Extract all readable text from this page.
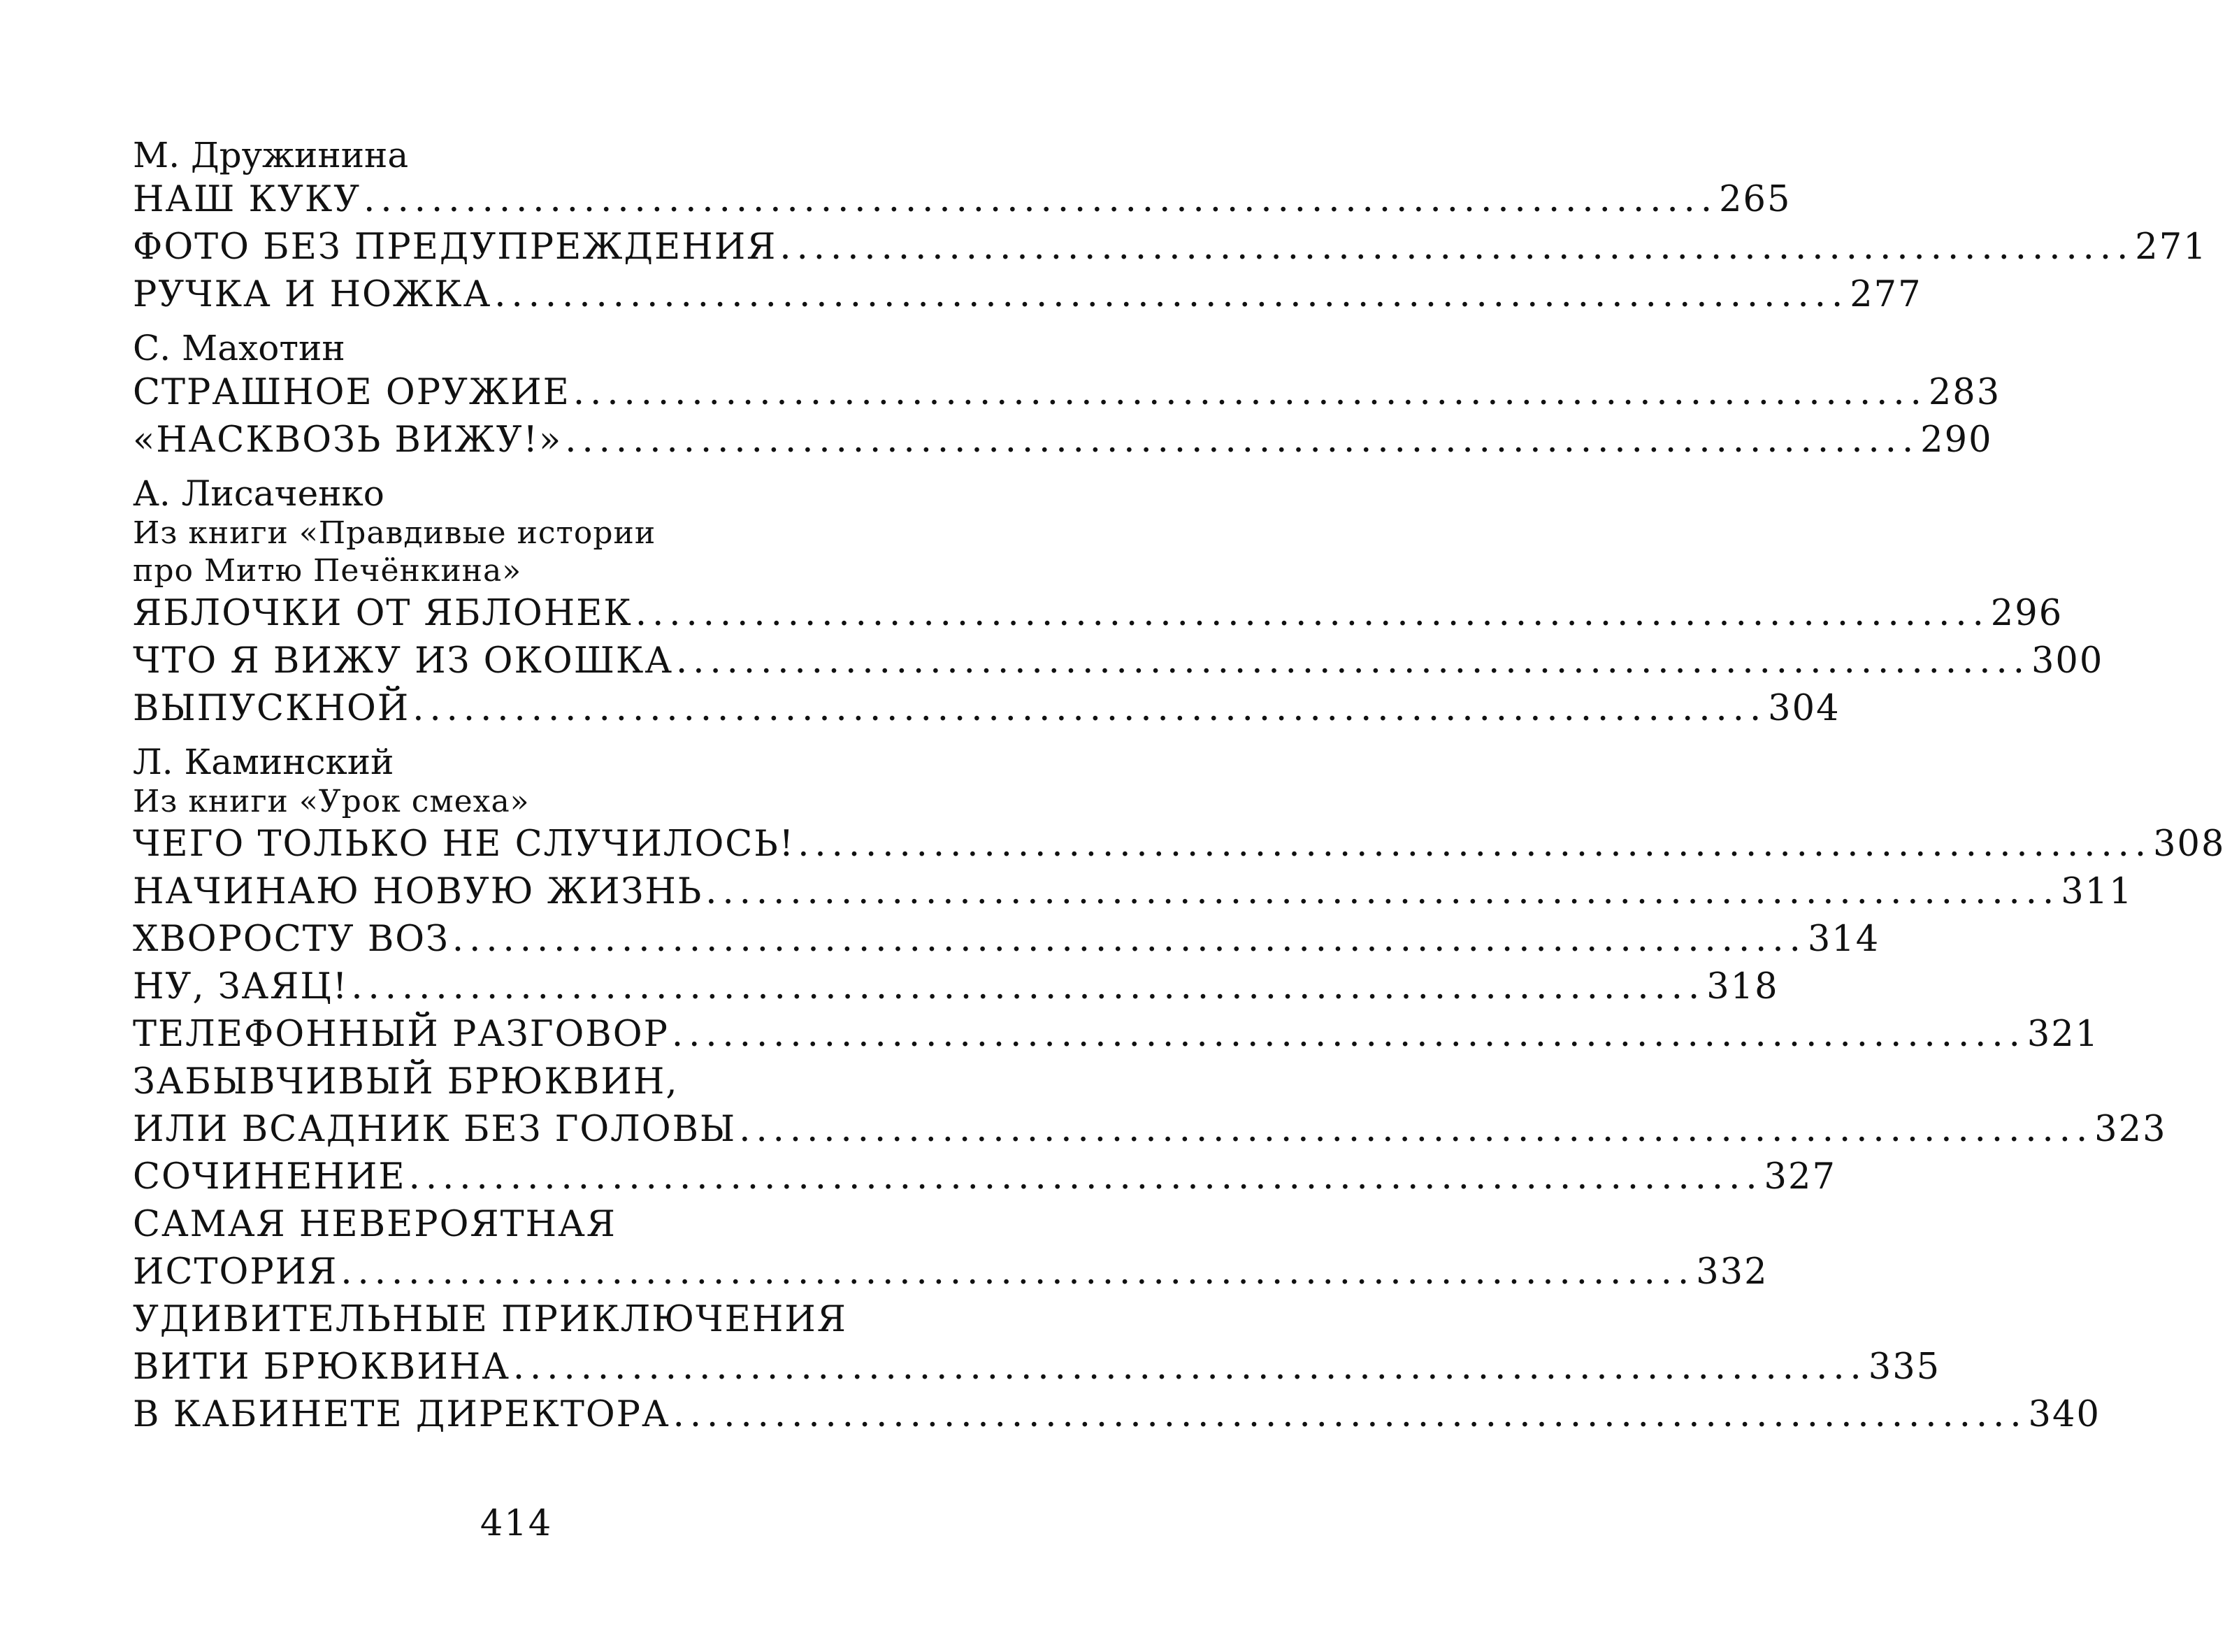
М. Дружинина
НАШ КУКУ ................................................................................ 265
ФОТО БЕЗ ПРЕДУПРЕЖДЕНИЯ ................................................................................ 271
РУЧКА И НОЖКА ................................................................................ 277
С. Махотин
СТРАШНОЕ ОРУЖИЕ ................................................................................ 283
«НАСКВОЗЬ ВИЖУ!» ................................................................................ 290
А. Лисаченко
Из книги «Правдивые истории
про Митю Печёнкина»
ЯБЛОЧКИ ОТ ЯБЛОНЕК ................................................................................ 296
ЧТО Я ВИЖУ ИЗ ОКОШКА ................................................................................ 300
ВЫПУСКНОЙ ................................................................................ 304
Л. Каминский
Из книги «Урок смеха»
ЧЕГО ТОЛЬКО НЕ СЛУЧИЛОСЬ! ................................................................................ 308
НАЧИНАЮ НОВУЮ ЖИЗНЬ ................................................................................ 311
ХВОРОСТУ ВОЗ ................................................................................ 314
НУ, ЗАЯЦ! ................................................................................ 318
ТЕЛЕФОННЫЙ РАЗГОВОР ................................................................................ 321
ЗАБЫВЧИВЫЙ БРЮКВИН,
ИЛИ ВСАДНИК БЕЗ ГОЛОВЫ ................................................................................ 323
СОЧИНЕНИЕ ................................................................................ 327
САМАЯ НЕВЕРОЯТНАЯ
ИСТОРИЯ ................................................................................ 332
УДИВИТЕЛЬНЫЕ ПРИКЛЮЧЕНИЯ
ВИТИ БРЮКВИНА ................................................................................ 335
В КАБИНЕТЕ ДИРЕКТОРА ................................................................................ 340
414
